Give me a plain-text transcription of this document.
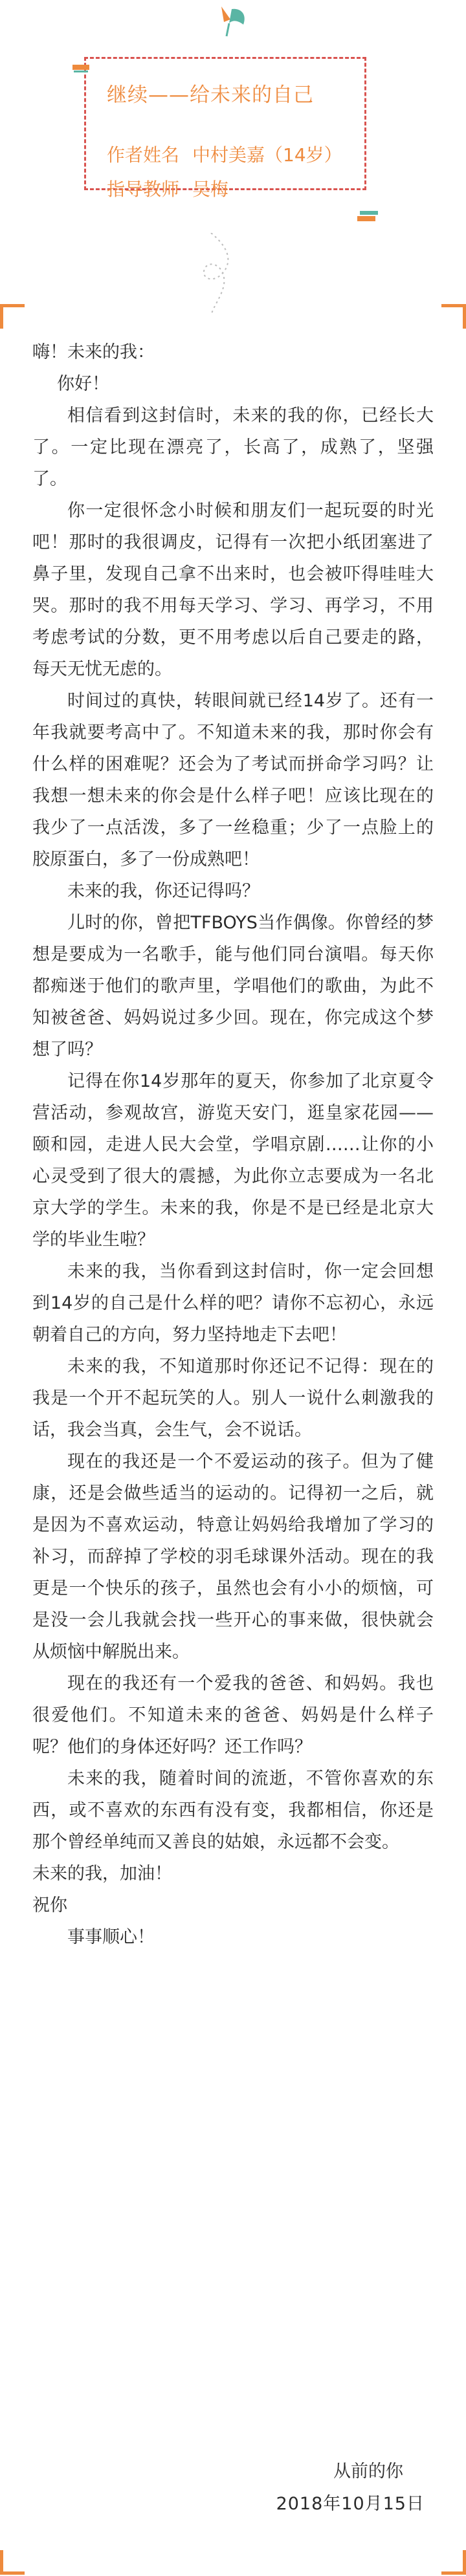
继续——给未来的自己
作者姓名 中村美嘉（14岁）
指导教师 吴梅

嗨！未来的我：

你好！

相信看到这封信时，未来的我的你，已经长大了。一定比现在漂亮了，长高了，成熟了，坚强了。

你一定很怀念小时候和朋友们一起玩耍的时光吧！那时的我很调皮，记得有一次把小纸团塞进了鼻子里，发现自己拿不出来时，也会被吓得哇哇大哭。那时的我不用每天学习、学习、再学习，不用考虑考试的分数，更不用考虑以后自己要走的路，每天无忧无虑的。

时间过的真快，转眼间就已经14岁了。还有一年我就要考高中了。不知道未来的我，那时你会有什么样的困难呢？还会为了考试而拼命学习吗？让我想一想未来的你会是什么样子吧！应该比现在的我少了一点活泼，多了一丝稳重；少了一点脸上的胶原蛋白，多了一份成熟吧！

未来的我，你还记得吗？

儿时的你，曾把TFBOYS当作偶像。你曾经的梦想是要成为一名歌手，能与他们同台演唱。每天你都痴迷于他们的歌声里，学唱他们的歌曲，为此不知被爸爸、妈妈说过多少回。现在，你完成这个梦想了吗？

记得在你14岁那年的夏天，你参加了北京夏令营活动，参观故宫，游览天安门，逛皇家花园——颐和园，走进人民大会堂，学唱京剧……让你的小心灵受到了很大的震撼，为此你立志要成为一名北京大学的学生。未来的我，你是不是已经是北京大学的毕业生啦？

未来的我，当你看到这封信时，你一定会回想到14岁的自己是什么样的吧？请你不忘初心，永远朝着自己的方向，努力坚持地走下去吧！

未来的我，不知道那时你还记不记得：现在的我是一个开不起玩笑的人。别人一说什么刺激我的话，我会当真，会生气，会不说话。

现在的我还是一个不爱运动的孩子。但为了健康，还是会做些适当的运动的。记得初一之后，就是因为不喜欢运动，特意让妈妈给我增加了学习的补习，而辞掉了学校的羽毛球课外活动。现在的我更是一个快乐的孩子，虽然也会有小小的烦恼，可是没一会儿我就会找一些开心的事来做，很快就会从烦恼中解脱出来。

现在的我还有一个爱我的爸爸、和妈妈。我也很爱他们。不知道未来的爸爸、妈妈是什么样子呢？他们的身体还好吗？还工作吗？

未来的我，随着时间的流逝，不管你喜欢的东西，或不喜欢的东西有没有变，我都相信，你还是那个曾经单纯而又善良的姑娘，永远都不会变。

未来的我，加油！

祝你

事事顺心！

从前的你
2018年10月15日
